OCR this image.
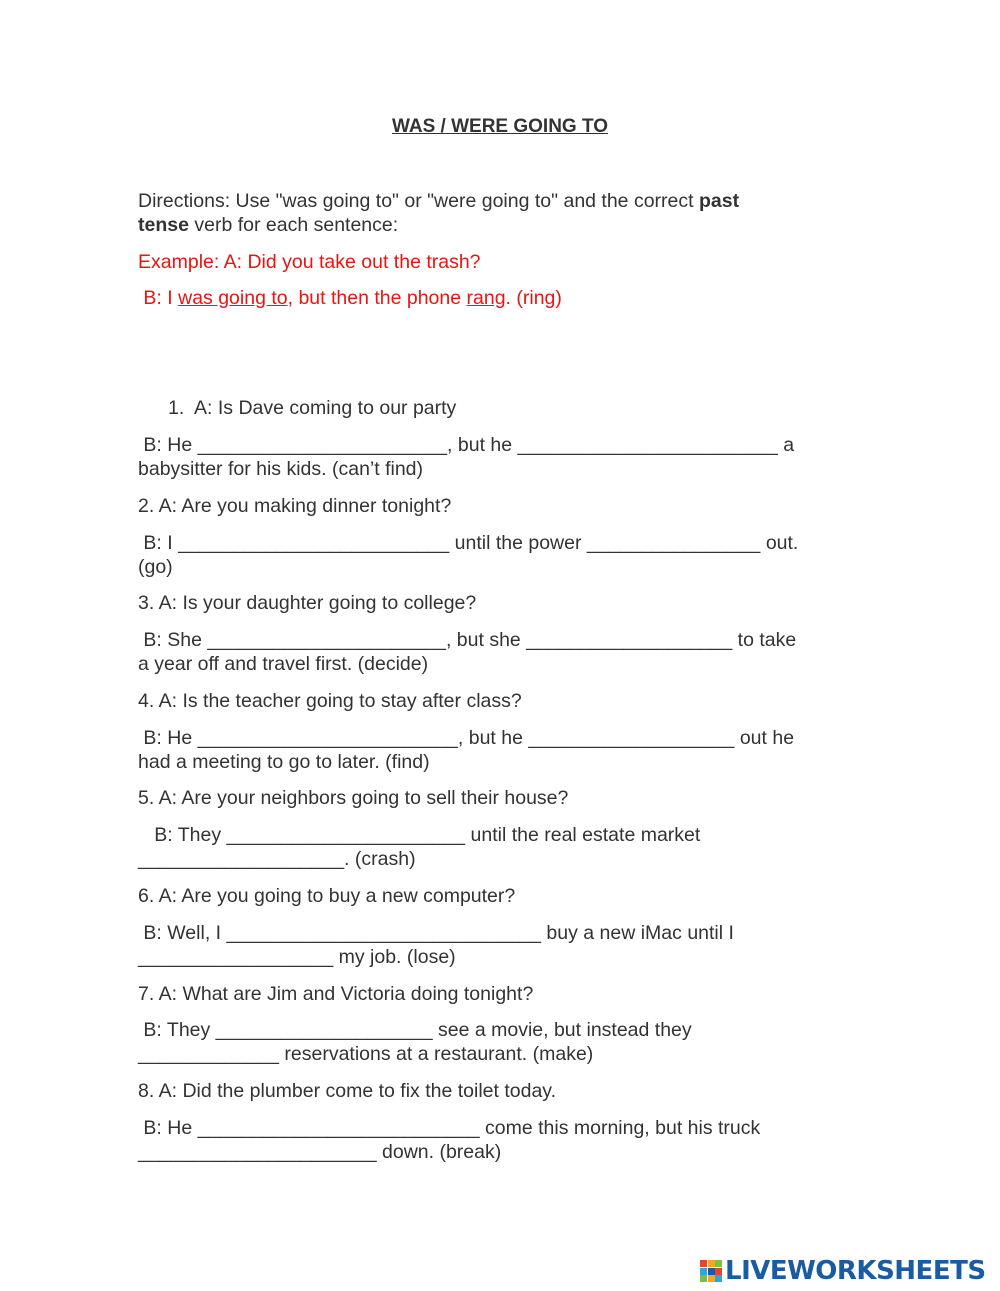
WAS / WERE GOING TO
Directions: Use "was going to" or "were going to" and the correct past
tense verb for each sentence:
Example: A: Did you take out the trash?
B: I was going to, but then the phone rang. (ring)
1.  A: Is Dave coming to our party
B: He _______________________, but he ________________________ a
babysitter for his kids. (can’t find)
2. A: Are you making dinner tonight?
B: I _________________________ until the power ________________ out.
(go)
3. A: Is your daughter going to college?
B: She ______________________, but she ___________________ to take
a year off and travel first. (decide)
4. A: Is the teacher going to stay after class?
B: He ________________________, but he ___________________ out he
had a meeting to go to later. (find)
5. A: Are your neighbors going to sell their house?
B: They ______________________ until the real estate market
___________________. (crash)
6. A: Are you going to buy a new computer?
B: Well, I _____________________________ buy a new iMac until I
__________________ my job. (lose)
7. A: What are Jim and Victoria doing tonight?
B: They ____________________ see a movie, but instead they
_____________ reservations at a restaurant. (make)
8. A: Did the plumber come to fix the toilet today.
B: He __________________________ come this morning, but his truck
______________________ down. (break)
LIVEWORKSHEETS
